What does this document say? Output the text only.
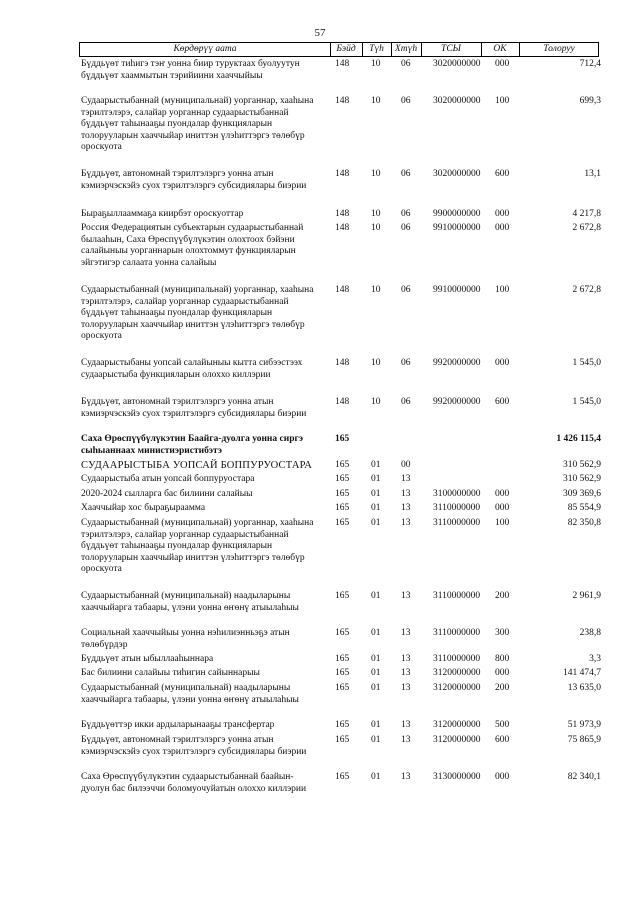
57
Көрдөрүү аата	Бэйд	Түһ	Хтүһ	ТСЫ	ОК	Толоруу
Бүддьүөт тиһигэ тэҥ уонна биир туруктаах буолуутун бүддьүөт хааммытын тэрийиини хааччыйыы
148 10 06 3020000000 000	712,4
Судаарыстыбаннай (муниципальнай) уорганнар, хааһына тэрилтэлэрэ, салайар уорганнар судаарыстыбаннай бүддьүөт таһынааҕы пуондалар функцияларын толорууларын хааччыйар иниттэн үлэһиттэргэ төлөбүр ороскуота
148 10 06 3020000000 100	699,3
Бүддьүөт, автономнай тэрилтэлэргэ уонна атын кэмиэрчэскэйэ суох тэрилтэлэргэ субсидиялары биэрии
148 10 06 3020000000 600	13,1
Быраҕыллааммаҕа киирбэт ороскуоттар	148 10 06 9900000000 000	4 217,8
Россия Федерациятын субъектарын судаарыстыбаннай былааһын, Саха Өрөспүүбүлүкэтин олохтоох бэйэни салайыныы уорганнарын олохтоммут функцияларын эйгэтигэр салаата уонна салайыы
148 10 06 9910000000 000	2 672,8
Судаарыстыбаннай (муниципальнай) уорганнар, хааһына тэрилтэлэрэ, салайар уорганнар судаарыстыбаннай бүддьүөт таһынааҕы пуондалар функцияларын толорууларын хааччыйар иниттэн үлэһиттэргэ төлөбүр ороскуота
148 10 06 9910000000 100	2 672,8
Судаарыстыбаны уопсай салайыныы кытта сибээстээх судаарыстыба функцияларын олоххо киллэрии
148 10 06 9920000000 000	1 545,0
Бүддьүөт, автономнай тэрилтэлэргэ уонна атын кэмиэрчэскэйэ суох тэрилтэлэргэ субсидиялары биэрии
148 10 06 9920000000 600	1 545,0
Саха Өрөспүүбүлүкэтин Баайга-дуолга уонна сиргэ сыһыаннаах министиэристибэтэ
165	1 426 115,4
СУДААРЫСТЫБА УОПСАЙ БОППУРУОСТАРА	165 01 00	310 562,9
Судаарыстыба атын уопсай боппуруостара	165 01 13	310 562,9
2020-2024 сылларга бас билиини салайыы	165 01 13 3100000000 000	309 369,6
Хааччыйар хос быраҕырааммa	165 01 13 3110000000 000	85 554,9
Судаарыстыбаннай (муниципальнай) уорганнар, хааһына тэрилтэлэрэ, салайар уорганнар судаарыстыбаннай бүддьүөт таһынааҕы пуондалар функцияларын толорууларын хааччыйар иниттэн үлэһиттэргэ төлөбүр ороскуота
165 01 13 3110000000 100	82 350,8
Судаарыстыбаннай (муниципальнай) наадыларыны хааччыйарга табаары, үлэни уонна өҥөнү атыылаһыы
165 01 13 3110000000 200	2 961,9
Социальнай хааччыйыы уонна нэһилиэнньэҕэ атын төлөбүрдэр
165 01 13 3110000000 300	238,8
Бүддьүөт атын ыбыллааһыннара	165 01 13 3110000000 800	3,3
Бас билиини салайыы тиһигин сайыннарыы	165 01 13 3120000000 000	141 474,7
Судаарыстыбаннай (муниципальнай) наадыларыны хааччыйарга табаары, үлэни уонна өҥөнү атыылаһыы
165 01 13 3120000000 200	13 635,0
Бүддьүөттэр икки ардыларынааҕы трансфертар	165 01 13 3120000000 500	51 973,9
Бүддьүөт, автономнай тэрилтэлэргэ уонна атын кэмиэрчэскэйэ суох тэрилтэлэргэ субсидиялары биэрии
165 01 13 3120000000 600	75 865,9
Саха Өрөспүүбүлүкэтин судаарыстыбаннай баайын-дуолун бас билээччи боломуочуйатын олоххо киллэрии
165 01 13 3130000000 000	82 340,1
